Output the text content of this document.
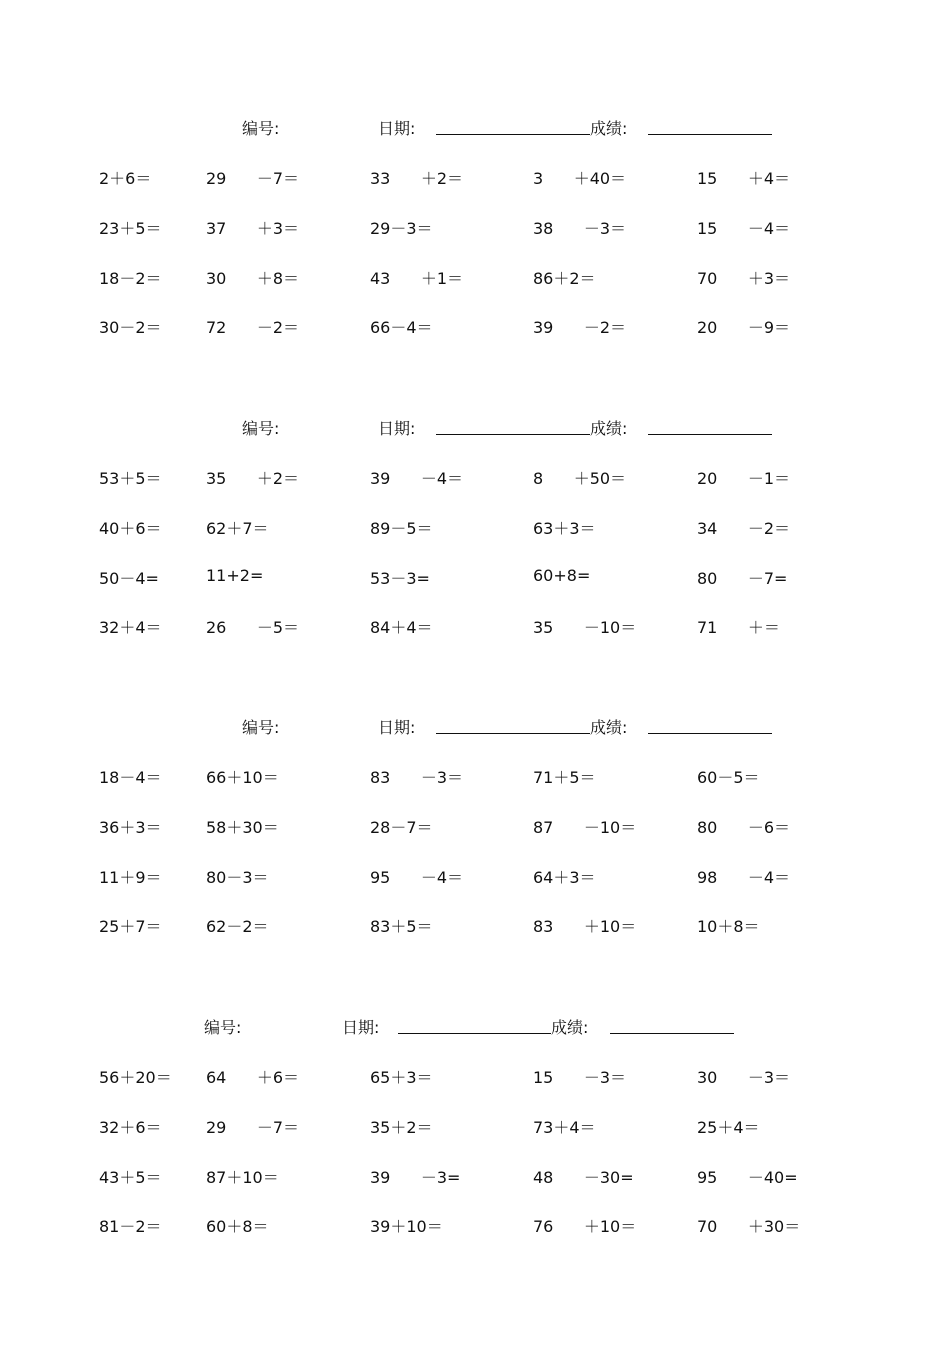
编号:	日期:	成绩:
2＋6＝	29      －7＝	33      ＋2＝	3      ＋40＝	15      ＋4＝
23＋5＝	37      ＋3＝	29－3＝	38      －3＝	15      －4＝
18－2＝	30      ＋8＝	43      ＋1＝	86＋2＝	70      ＋3＝
30－2＝	72      －2＝	66－4＝	39      －2＝	20      －9＝
编号:	日期:	成绩:
53＋5＝	35      ＋2＝	39      －4＝	8      ＋50＝	20      －1＝
40＋6＝	62＋7＝	89－5＝	63＋3＝	34      －2＝
50－4=	11+2=	53－3=	60+8=	80      －7=
32＋4＝	26      －5＝	84＋4＝	35      －10＝	71      ＋＝
编号:	日期:	成绩:
18－4＝	66＋10＝	83      －3＝	71＋5＝	60－5＝
36＋3＝	58＋30＝	28－7＝	87      －10＝	80      －6＝
11＋9＝	80－3＝	95      －4＝	64＋3＝	98      －4＝
25＋7＝	62－2＝	83＋5＝	83      ＋10＝	10＋8＝
编号:	日期:	成绩:
56＋20＝ 64      ＋6＝	65＋3＝	15      －3＝	30      －3＝
32＋6＝	29      －7＝	35＋2＝	73＋4＝	25＋4＝
43＋5＝	87＋10＝	39      －3=	48      －30=	95      －40=
81－2＝	60＋8＝	39＋10＝	76      ＋10＝	70      ＋30＝
